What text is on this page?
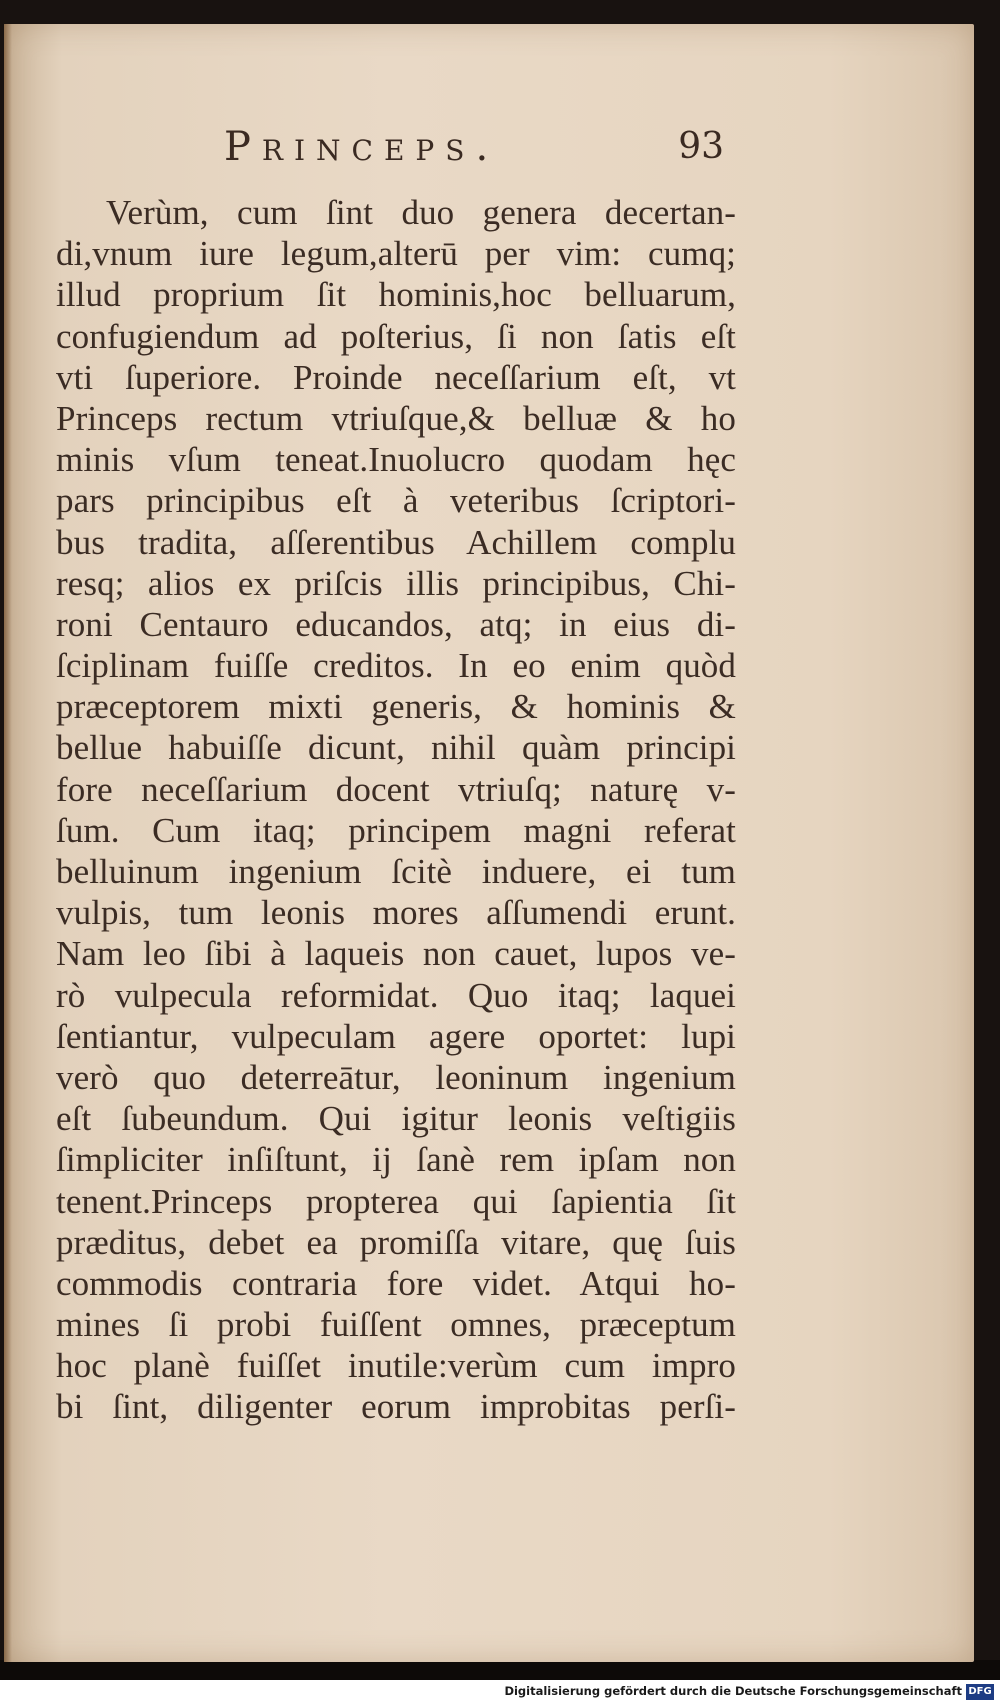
Princeps.	93
Verùm, cum ſint duo genera decertan-
di,vnum iure legum,alterū per vim: cumq;
illud proprium ſit hominis,hoc belluarum,
confugiendum ad poſterius, ſi non ſatis eſt
vti ſuperiore. Proinde neceſſarium eſt, vt
Princeps rectum vtriuſque,& belluæ & ho
minis vſum teneat.Inuolucro quodam hęc
pars principibus eſt à veteribus ſcriptori-
bus tradita, aſſerentibus Achillem complu
resq; alios ex priſcis illis principibus, Chi-
roni Centauro educandos, atq; in eius di-
ſciplinam fuiſſe creditos. In eo enim quòd
præceptorem mixti generis, & hominis &
bellue habuiſſe dicunt, nihil quàm principi
fore neceſſarium docent vtriuſq; naturę v-
ſum. Cum itaq; principem magni referat
belluinum ingenium ſcitè induere, ei tum
vulpis, tum leonis mores aſſumendi erunt.
Nam leo ſibi à laqueis non cauet, lupos ve-
rò vulpecula reformidat. Quo itaq; laquei
ſentiantur, vulpeculam agere oportet: lupi
verò quo deterreātur, leoninum ingenium
eſt ſubeundum. Qui igitur leonis veſtigiis
ſimpliciter inſiſtunt, ij ſanè rem ipſam non
tenent.Princeps propterea qui ſapientia ſit
præditus, debet ea promiſſa vitare, quę ſuis
commodis contraria fore videt. Atqui ho-
mines ſi probi fuiſſent omnes, præceptum
hoc planè fuiſſet inutile:verùm cum impro
bi ſint, diligenter eorum improbitas perſi-
Digitalisierung gefördert durch die Deutsche Forschungsgemeinschaft DFG
